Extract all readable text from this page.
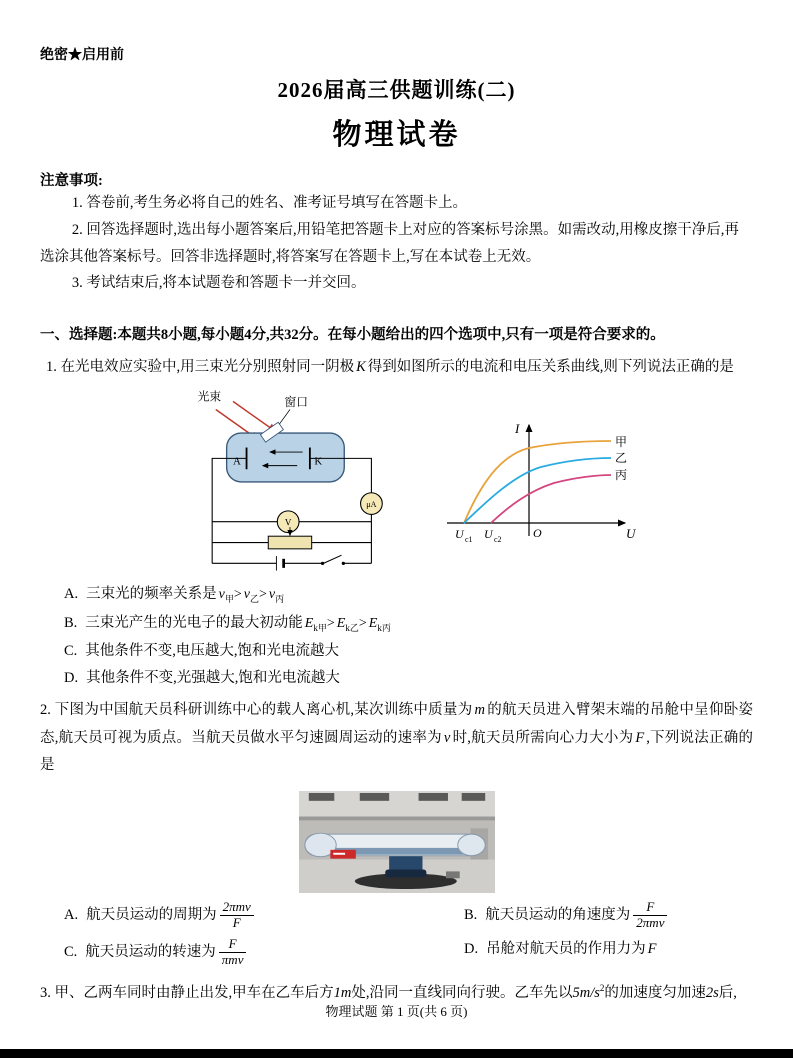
绝密★启用前
2026届高三供题训练(二)
物理试卷
注意事项:

1. 答卷前,考生务必将自己的姓名、准考证号填写在答题卡上。

2. 回答选择题时,选出每小题答案后,用铅笔把答题卡上对应的答案标号涂黑。如需改动,用橡皮擦干净后,再选涂其他答案标号。回答非选择题时,将答案写在答题卡上,写在本试卷上无效。

3. 考试结束后,将本试题卷和答题卡一并交回。

一、选择题:本题共8小题,每小题4分,共32分。在每小题给出的四个选项中,只有一项是符合要求的。

1. 在光电效应实验中,用三束光分别照射同一阴极 K 得到如图所示的电流和电压关系曲线,则下列说法正确的是

光束	窗口
A	K
μA
V
I
U
O
U c1 U c2
甲
乙
丙

A. 三束光的频率关系是 $\nu_甲> \nu_乙> \nu_丙$

B. 三束光产生的光电子的最大初动能 $E_{k甲}> E_{k乙}> E_{k丙}$

C. 其他条件不变,电压越大,饱和光电流越大

D. 其他条件不变,光强越大,饱和光电流越大

2. 下图为中国航天员科研训练中心的载人离心机,某次训练中质量为 m 的航天员进入臂架末端的吊舱中呈仰卧姿态,航天员可视为质点。当航天员做水平匀速圆周运动的速率为 v 时,航天员所需向心力大小为 F ,下列说法正确的是

A. 航天员运动的周期为 $\frac{\text{2πmv}}{F}$	B. 航天员运动的角速度为 $\frac{F}{\text{2πmv}}$

C. 航天员运动的转速为 $\frac{F}{\text{πmv}}$	D. 吊舱对航天员的作用力为 F

3. 甲、乙两车同时由静止出发,甲车在乙车后方1m处,沿同一直线同向行驶。乙车先以$5m/s^2$的加速度匀加速2s后,

物理试题 第 1 页(共 6 页)
